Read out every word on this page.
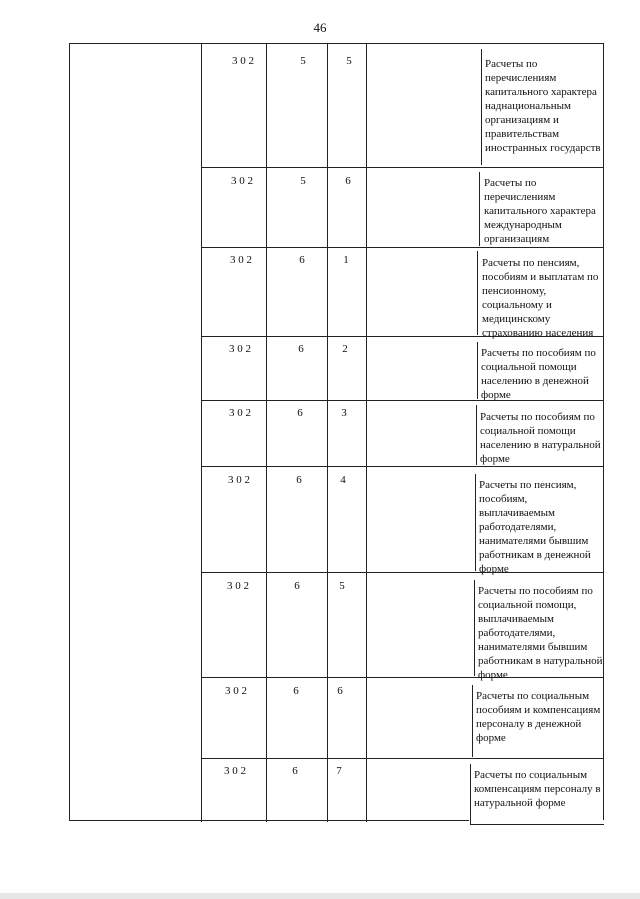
46
3 0 2	5	5	Расчеты по перечислениям капитального характера наднациональным организациям и правительствам иностранных государств
3 0 2	5	6	Расчеты по перечислениям капитального характера международным организациям
3 0 2	6	1	Расчеты по пенсиям, пособиям и выплатам по пенсионному, социальному и медицинскому страхованию населения
3 0 2	6	2	Расчеты по пособиям по социальной помощи населению в денежной форме
3 0 2	6	3	Расчеты по пособиям по социальной помощи населению в натуральной форме
3 0 2	6	4	Расчеты по пенсиям, пособиям, выплачиваемым работодателями, нанимателями бывшим работникам в денежной форме
3 0 2	6	5	Расчеты по пособиям по социальной помощи, выплачиваемым работодателями, нанимателями бывшим работникам в натуральной форме
3 0 2	6	6	Расчеты по социальным пособиям и компенсациям персоналу в денежной форме
3 0 2	6	7	Расчеты по социальным компенсациям персоналу в натуральной форме
